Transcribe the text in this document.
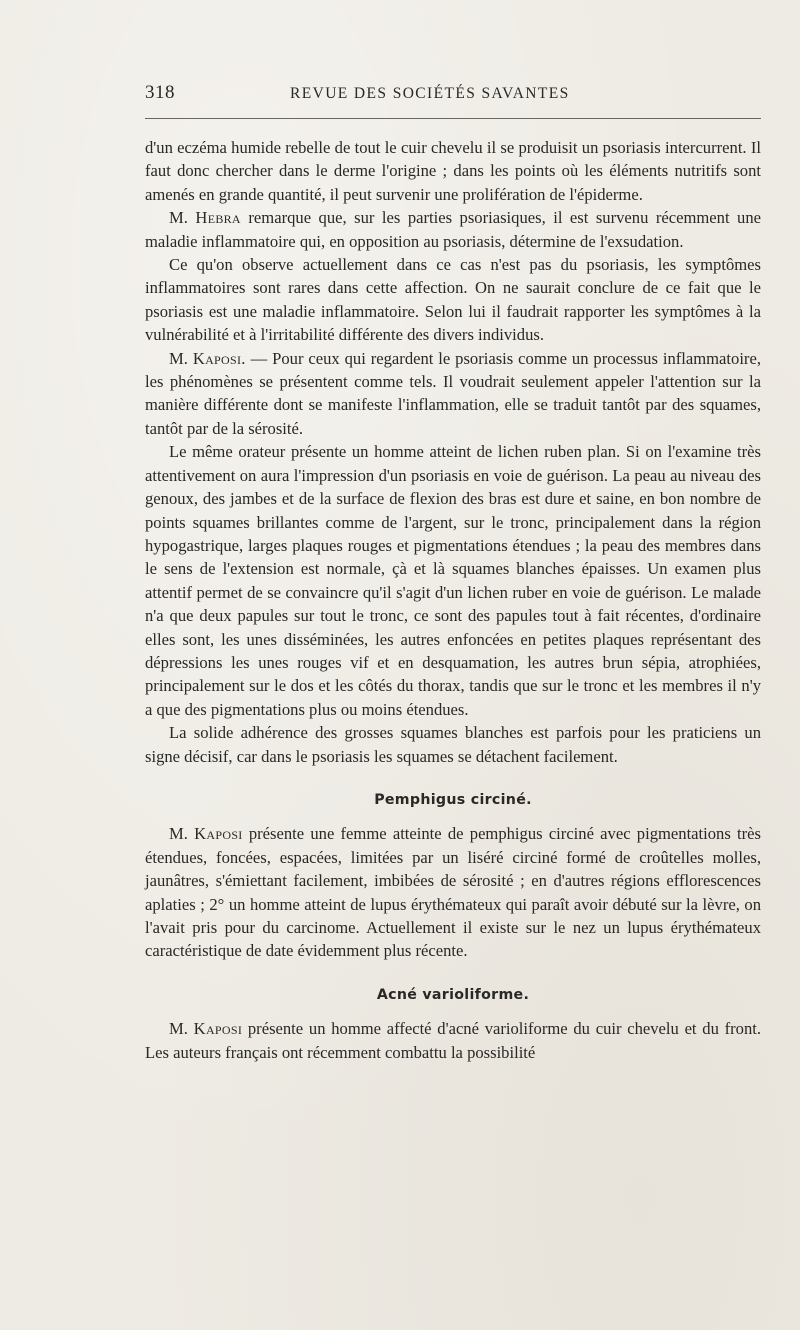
318	REVUE DES SOCIÉTÉS SAVANTES

d'un eczéma humide rebelle de tout le cuir chevelu il se produisit un psoriasis intercurrent. Il faut donc chercher dans le derme l'origine ; dans les points où les éléments nutritifs sont amenés en grande quantité, il peut survenir une prolifération de l'épiderme.

M. Hebra remarque que, sur les parties psoriasiques, il est survenu récemment une maladie inflammatoire qui, en opposition au psoriasis, détermine de l'exsudation.

Ce qu'on observe actuellement dans ce cas n'est pas du psoriasis, les symptômes inflammatoires sont rares dans cette affection. On ne saurait conclure de ce fait que le psoriasis est une maladie inflammatoire. Selon lui il faudrait rapporter les symptômes à la vulnérabilité et à l'irritabilité différente des divers individus.

M. Kaposi. — Pour ceux qui regardent le psoriasis comme un processus inflammatoire, les phénomènes se présentent comme tels. Il voudrait seulement appeler l'attention sur la manière différente dont se manifeste l'inflammation, elle se traduit tantôt par des squames, tantôt par de la sérosité.

Le même orateur présente un homme atteint de lichen ruben plan. Si on l'examine très attentivement on aura l'impression d'un psoriasis en voie de guérison. La peau au niveau des genoux, des jambes et de la surface de flexion des bras est dure et saine, en bon nombre de points squames brillantes comme de l'argent, sur le tronc, principalement dans la région hypogastrique, larges plaques rouges et pigmentations étendues ; la peau des membres dans le sens de l'extension est normale, çà et là squames blanches épaisses. Un examen plus attentif permet de se convaincre qu'il s'agit d'un lichen ruber en voie de guérison. Le malade n'a que deux papules sur tout le tronc, ce sont des papules tout à fait récentes, d'ordinaire elles sont, les unes disséminées, les autres enfoncées en petites plaques représentant des dépressions les unes rouges vif et en desquamation, les autres brun sépia, atrophiées, principalement sur le dos et les côtés du thorax, tandis que sur le tronc et les membres il n'y a que des pigmentations plus ou moins étendues.

La solide adhérence des grosses squames blanches est parfois pour les praticiens un signe décisif, car dans le psoriasis les squames se détachent facilement.

Pemphigus circiné.

M. Kaposi présente une femme atteinte de pemphigus circiné avec pigmentations très étendues, foncées, espacées, limitées par un liséré circiné formé de croûtelles molles, jaunâtres, s'émiettant facilement, imbibées de sérosité ; en d'autres régions efflorescences aplaties ; 2° un homme atteint de lupus érythémateux qui paraît avoir débuté sur la lèvre, on l'avait pris pour du carcinome. Actuellement il existe sur le nez un lupus érythémateux caractéristique de date évidemment plus récente.

Acné varioliforme.

M. Kaposi présente un homme affecté d'acné varioliforme du cuir chevelu et du front. Les auteurs français ont récemment combattu la possibilité
